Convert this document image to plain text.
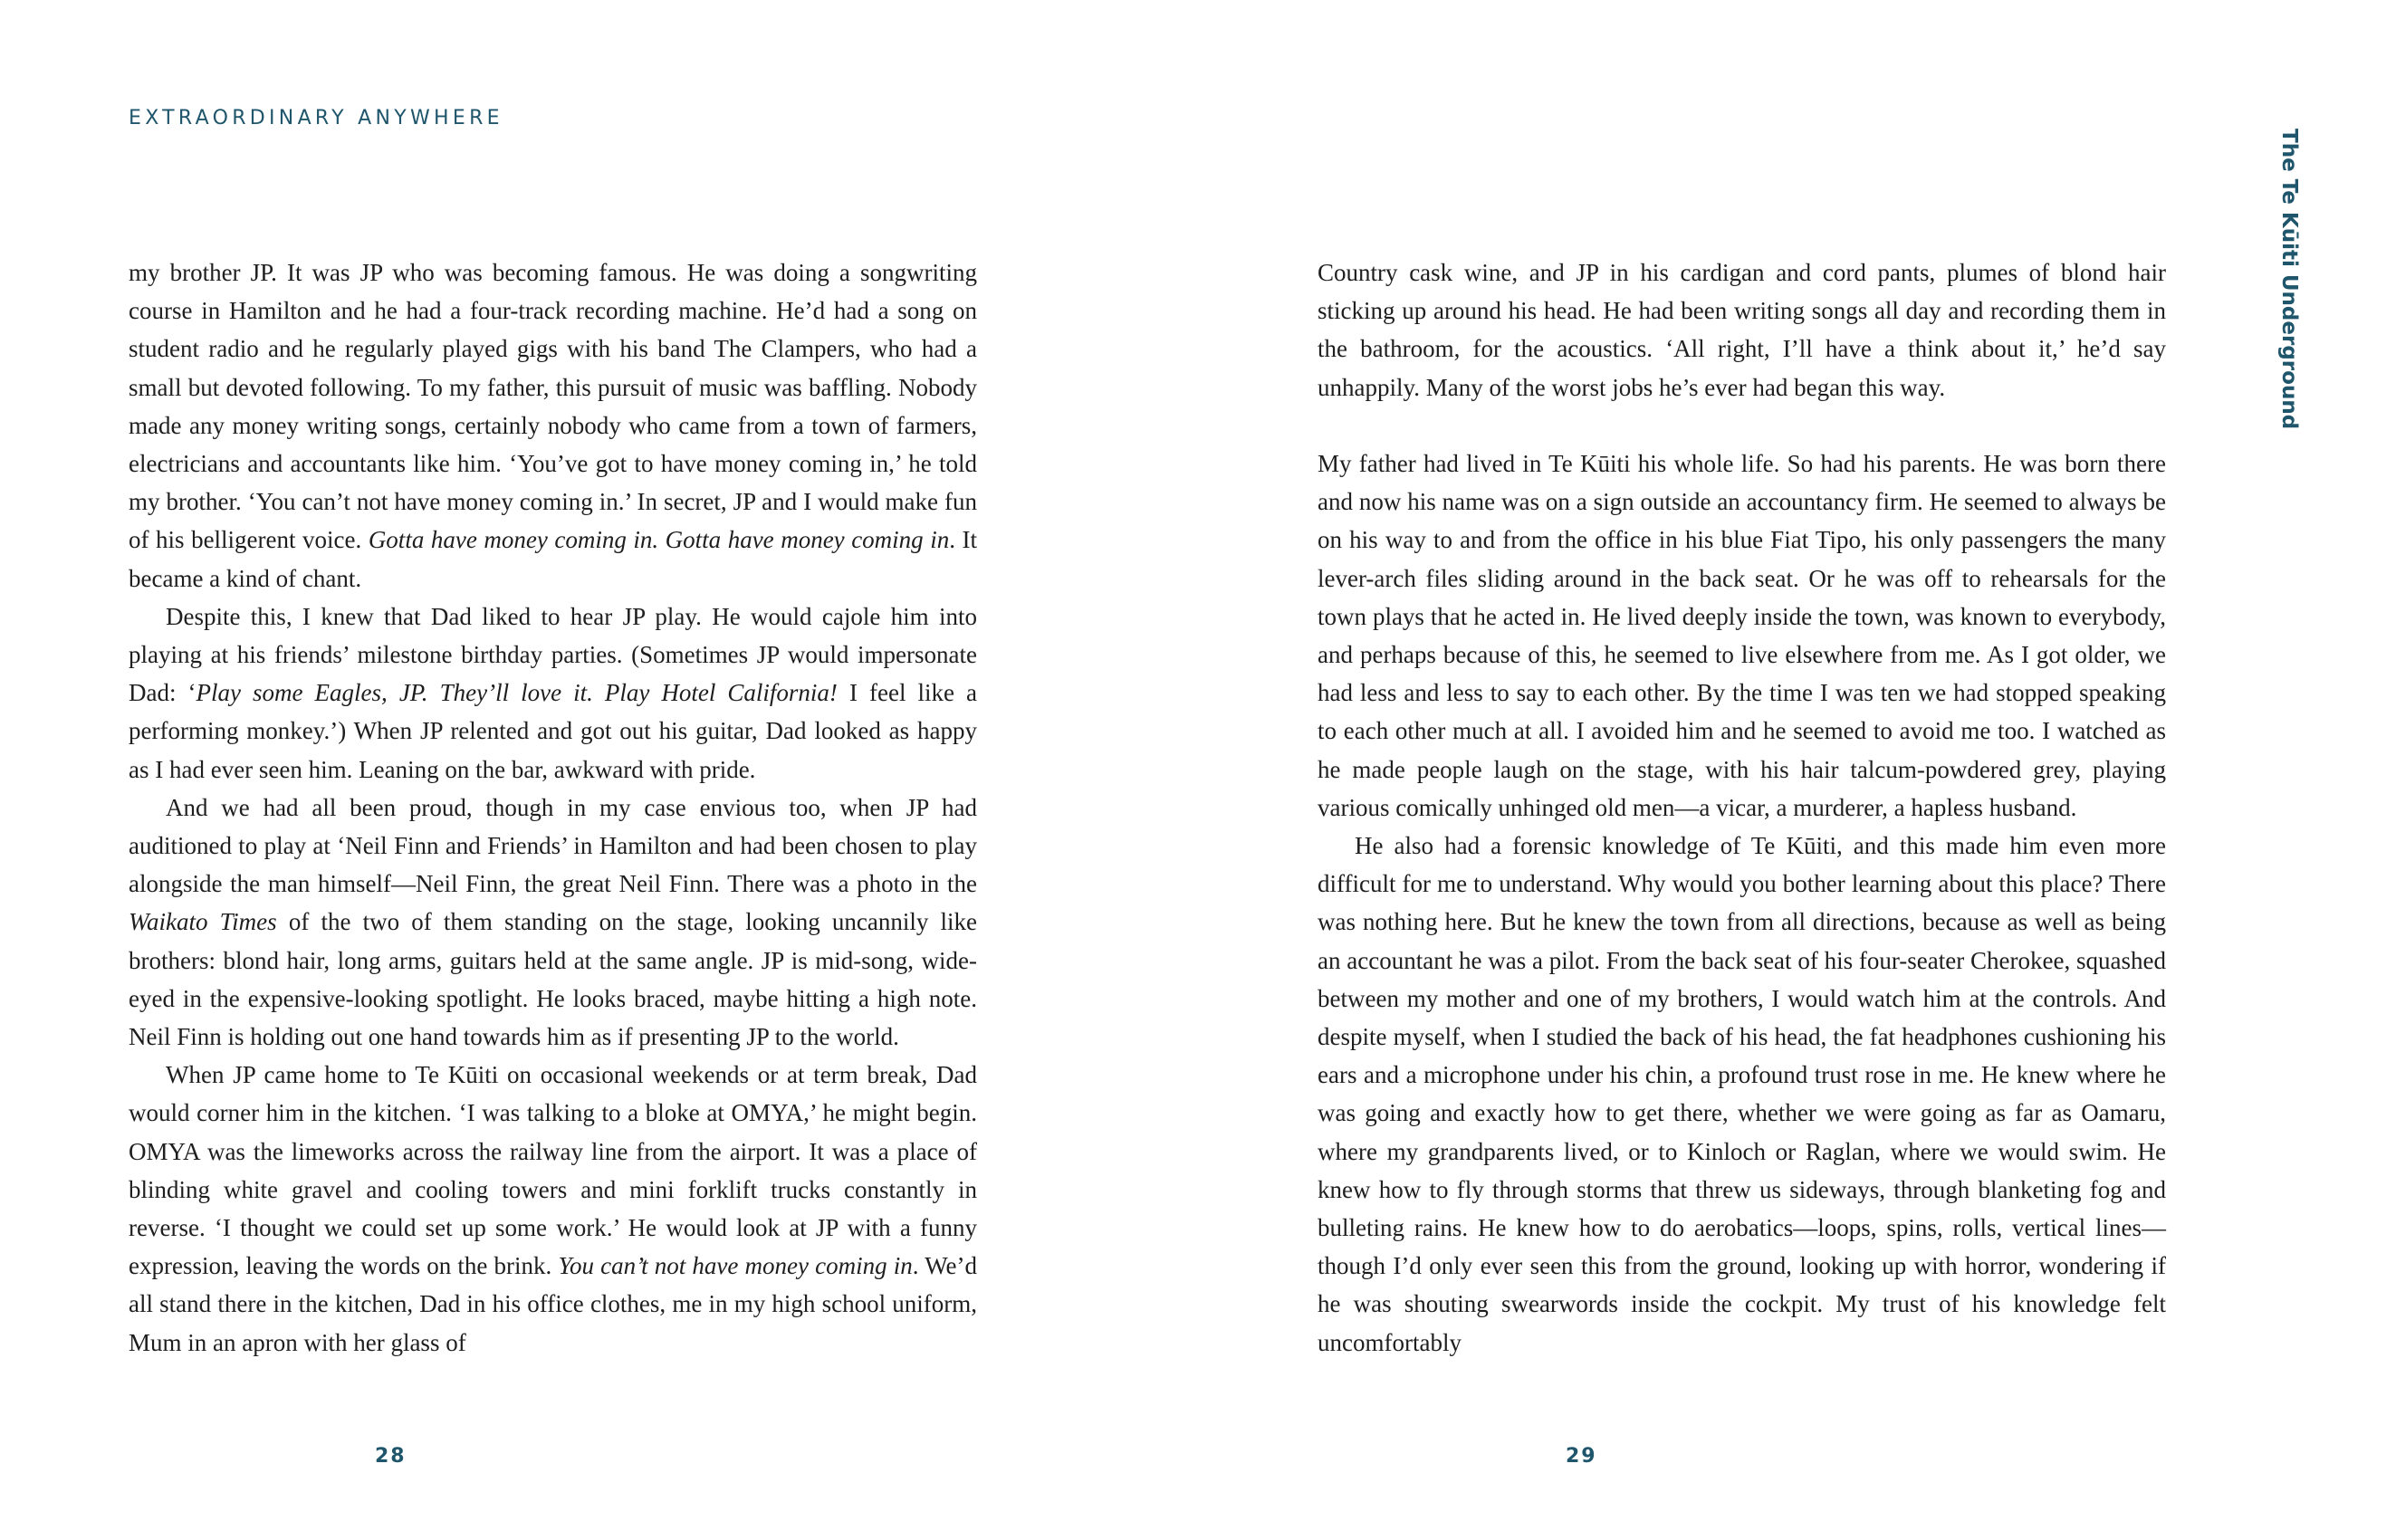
EXTRAORDINARY ANYWHERE
The Te Kūiti Underground

my brother JP. It was JP who was becoming famous. He was doing a songwriting course in Hamilton and he had a four-track recording machine. He’d had a song on student radio and he regularly played gigs with his band The Clampers, who had a small but devoted following. To my father, this pursuit of music was baffling. Nobody made any money writing songs, certainly nobody who came from a town of farmers, electricians and accountants like him. ‘You’ve got to have money coming in,’ he told my brother. ‘You can’t not have money coming in.’ In secret, JP and I would make fun of his belligerent voice. Gotta have money coming in. Gotta have money coming in. It became a kind of chant.

Despite this, I knew that Dad liked to hear JP play. He would cajole him into playing at his friends’ milestone birthday parties. (Sometimes JP would impersonate Dad: ‘Play some Eagles, JP. They’ll love it. Play Hotel California! I feel like a performing monkey.’) When JP relented and got out his guitar, Dad looked as happy as I had ever seen him. Leaning on the bar, awkward with pride.

And we had all been proud, though in my case envious too, when JP had auditioned to play at ‘Neil Finn and Friends’ in Hamilton and had been chosen to play alongside the man himself—Neil Finn, the great Neil Finn. There was a photo in the Waikato Times of the two of them standing on the stage, looking uncannily like brothers: blond hair, long arms, guitars held at the same angle. JP is mid-song, wide-eyed in the expensive-looking spotlight. He looks braced, maybe hitting a high note. Neil Finn is holding out one hand towards him as if presenting JP to the world.

When JP came home to Te Kūiti on occasional weekends or at term break, Dad would corner him in the kitchen. ‘I was talking to a bloke at OMYA,’ he might begin. OMYA was the limeworks across the railway line from the airport. It was a place of blinding white gravel and cooling towers and mini forklift trucks constantly in reverse. ‘I thought we could set up some work.’ He would look at JP with a funny expression, leaving the words on the brink. You can’t not have money coming in. We’d all stand there in the kitchen, Dad in his office clothes, me in my high school uniform, Mum in an apron with her glass of

Country cask wine, and JP in his cardigan and cord pants, plumes of blond hair sticking up around his head. He had been writing songs all day and recording them in the bathroom, for the acoustics. ‘All right, I’ll have a think about it,’ he’d say unhappily. Many of the worst jobs he’s ever had began this way.

My father had lived in Te Kūiti his whole life. So had his parents. He was born there and now his name was on a sign outside an accountancy firm. He seemed to always be on his way to and from the office in his blue Fiat Tipo, his only passengers the many lever-arch files sliding around in the back seat. Or he was off to rehearsals for the town plays that he acted in. He lived deeply inside the town, was known to everybody, and perhaps because of this, he seemed to live elsewhere from me. As I got older, we had less and less to say to each other. By the time I was ten we had stopped speaking to each other much at all. I avoided him and he seemed to avoid me too. I watched as he made people laugh on the stage, with his hair talcum-powdered grey, playing various comically unhinged old men—a vicar, a murderer, a hapless husband.

He also had a forensic knowledge of Te Kūiti, and this made him even more difficult for me to understand. Why would you bother learning about this place? There was nothing here. But he knew the town from all directions, because as well as being an accountant he was a pilot. From the back seat of his four-seater Cherokee, squashed between my mother and one of my brothers, I would watch him at the controls. And despite myself, when I studied the back of his head, the fat headphones cushioning his ears and a microphone under his chin, a profound trust rose in me. He knew where he was going and exactly how to get there, whether we were going as far as Oamaru, where my grandparents lived, or to Kinloch or Raglan, where we would swim. He knew how to fly through storms that threw us sideways, through blanketing fog and bulleting rains. He knew how to do aerobatics—loops, spins, rolls, vertical lines—though I’d only ever seen this from the ground, looking up with horror, wondering if he was shouting swearwords inside the cockpit. My trust of his knowledge felt uncomfortably

28	29
